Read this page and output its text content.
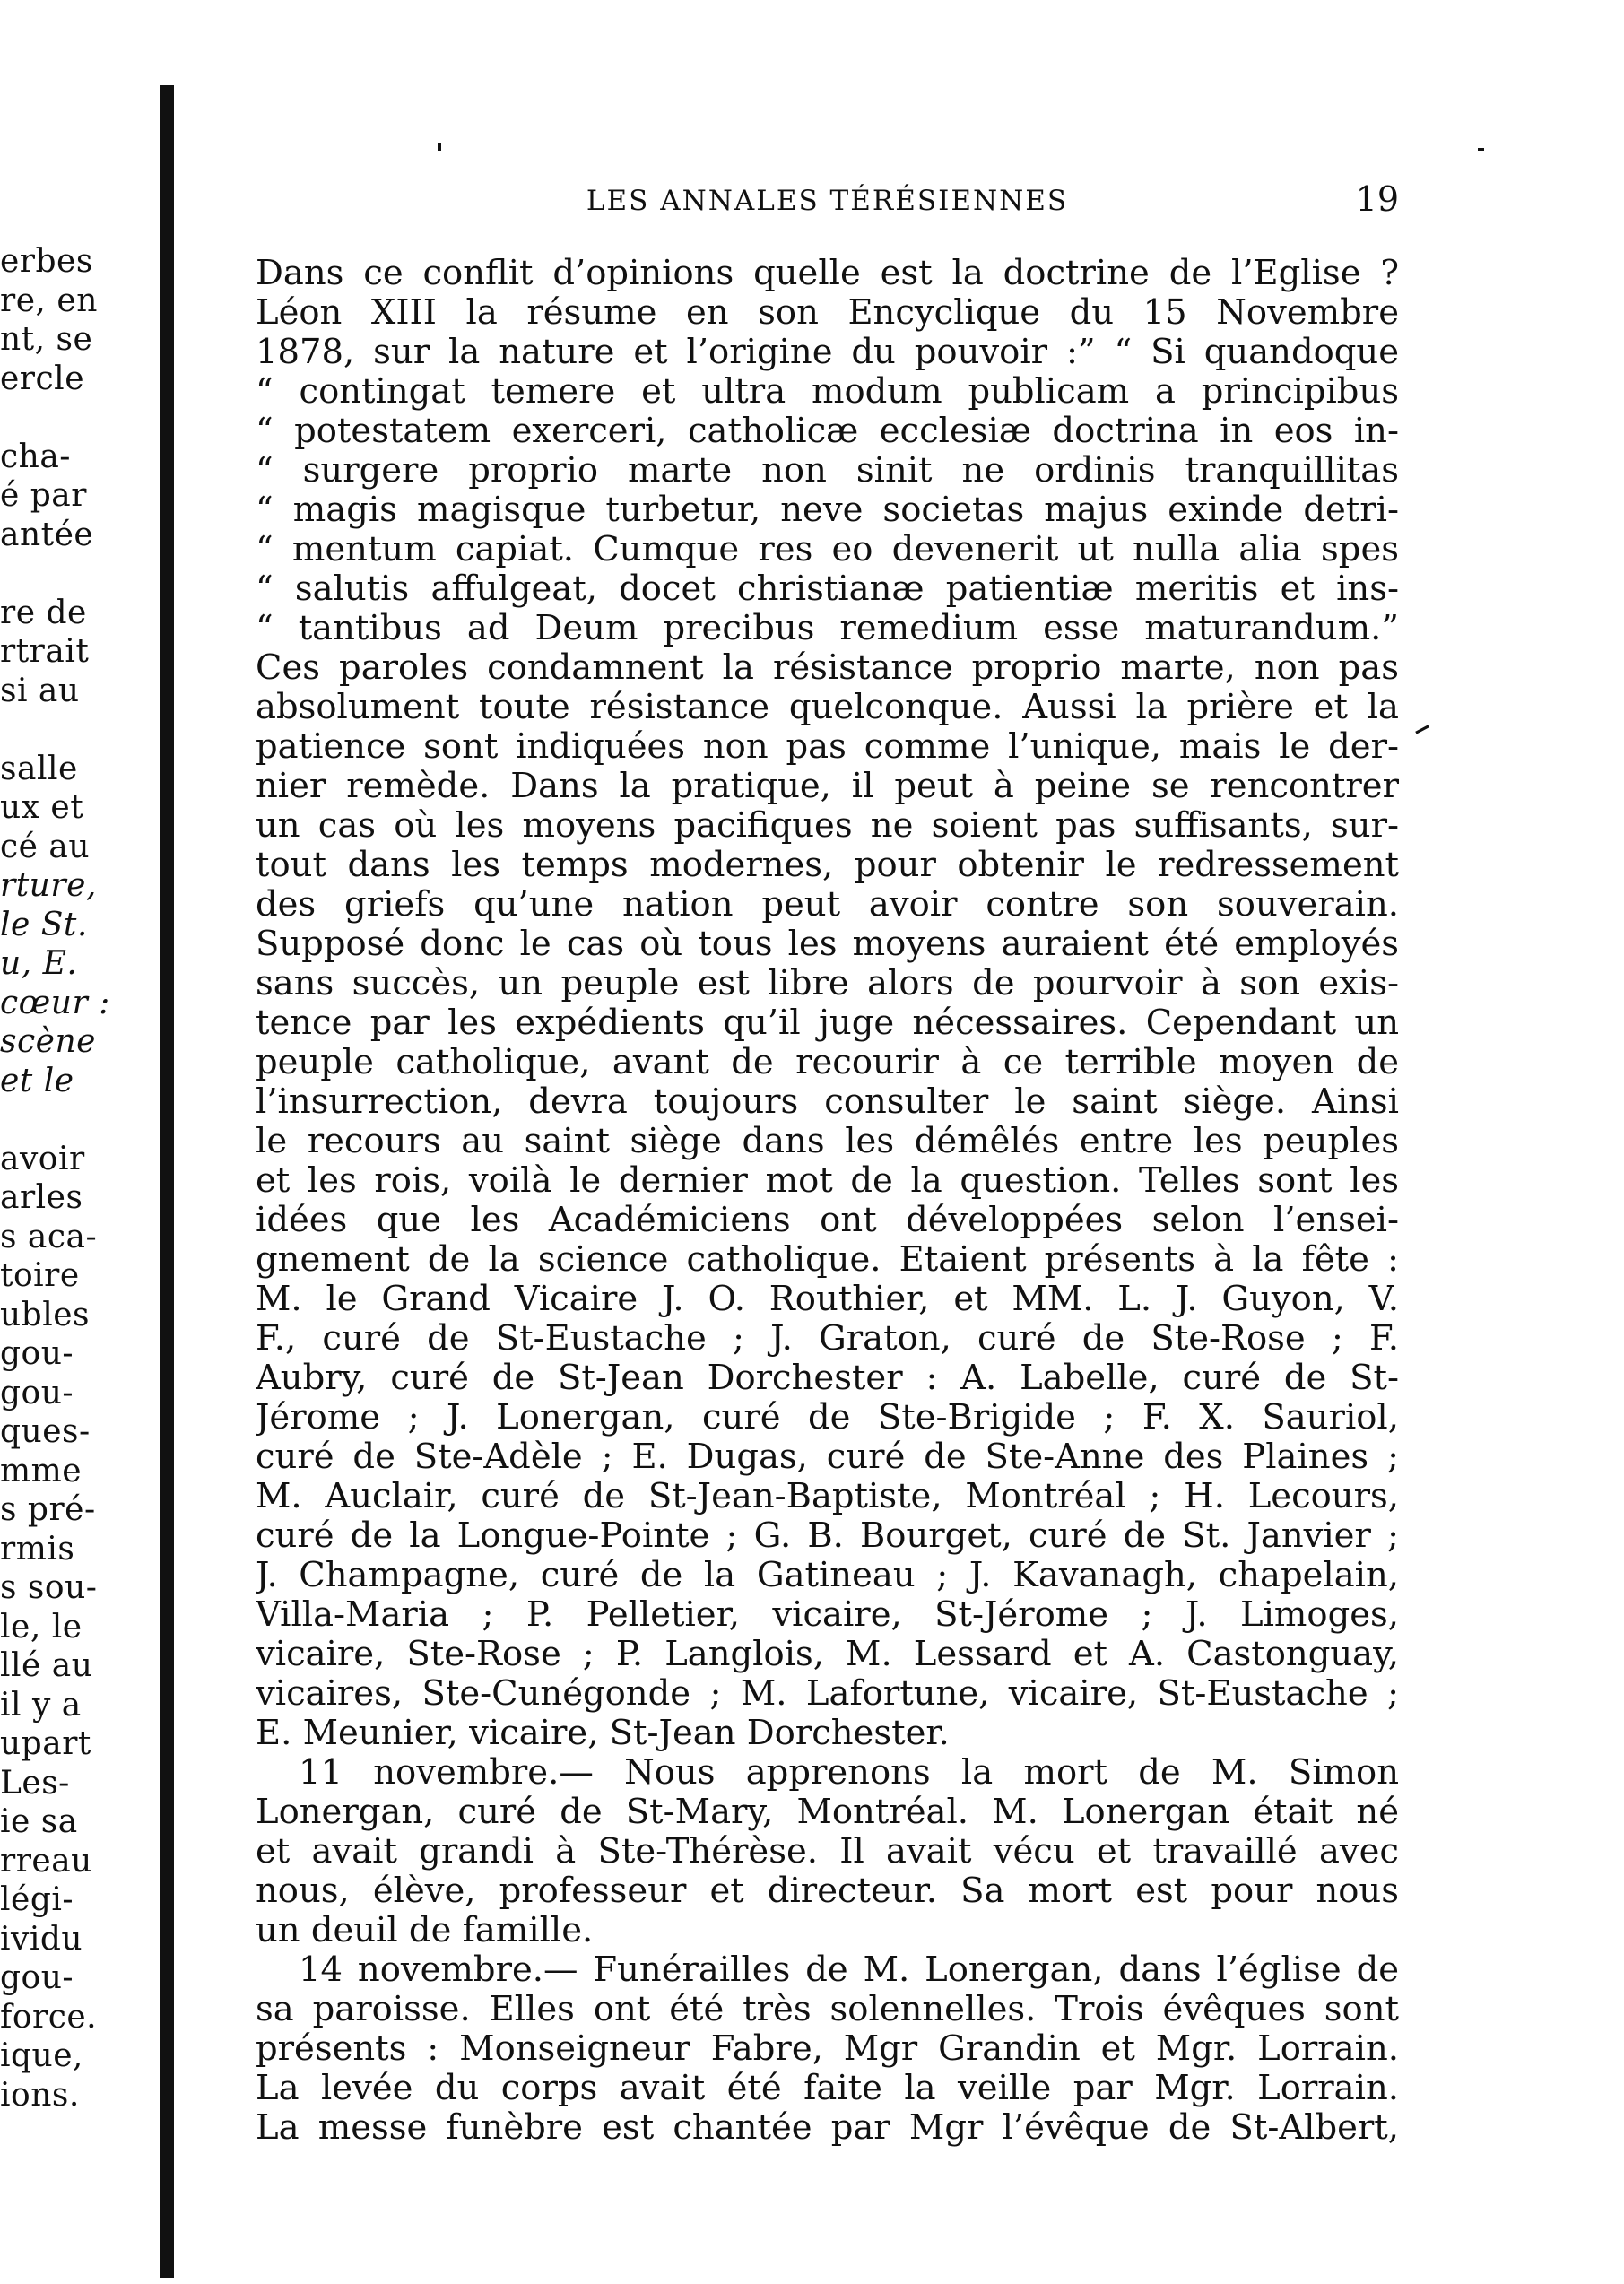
erbes
re, en
nt, se
ercle
cha-
é par
antée
re de
rtrait
si au
salle
ux et
cé au
rture,
le St.
u, E.
cœur :
scène
et le
avoir
arles
s aca-
toire
ubles
gou-
gou-
ques-
mme
s pré-
rmis
s sou-
le, le
llé au
il y a
upart
Les-
ie sa
rreau
légi-
ividu
gou-
force.
ique,
ions.
LES ANNALES TÉRÉSIENNES	19
Dans ce conflit d’opinions quelle est la doctrine de l’Eglise ?
Léon XIII la résume en son Encyclique du 15 Novembre
1878, sur la nature et l’origine du pouvoir :” “ Si quandoque
“ contingat temere et ultra modum publicam a principibus
“ potestatem exerceri, catholicæ ecclesiæ doctrina in eos in-
“ surgere proprio marte non sinit ne ordinis tranquillitas
“ magis magisque turbetur, neve societas majus exinde detri-
“ mentum capiat. Cumque res eo devenerit ut nulla alia spes
“ salutis affulgeat, docet christianæ patientiæ meritis et ins-
“ tantibus ad Deum precibus remedium esse maturandum.”
Ces paroles condamnent la résistance proprio marte, non pas
absolument toute résistance quelconque. Aussi la prière et la
patience sont indiquées non pas comme l’unique, mais le der-
nier remède. Dans la pratique, il peut à peine se rencontrer
un cas où les moyens pacifiques ne soient pas suffisants, sur-
tout dans les temps modernes, pour obtenir le redressement
des griefs qu’une nation peut avoir contre son souverain.
Supposé donc le cas où tous les moyens auraient été employés
sans succès, un peuple est libre alors de pourvoir à son exis-
tence par les expédients qu’il juge nécessaires. Cependant un
peuple catholique, avant de recourir à ce terrible moyen de
l’insurrection, devra toujours consulter le saint siège. Ainsi
le recours au saint siège dans les démêlés entre les peuples
et les rois, voilà le dernier mot de la question. Telles sont les
idées que les Académiciens ont développées selon l’ensei-
gnement de la science catholique. Etaient présents à la fête :
M. le Grand Vicaire J. O. Routhier, et MM. L. J. Guyon, V.
F., curé de St-Eustache ; J. Graton, curé de Ste-Rose ; F.
Aubry, curé de St-Jean Dorchester : A. Labelle, curé de St-
Jérome ; J. Lonergan, curé de Ste-Brigide ; F. X. Sauriol,
curé de Ste-Adèle ; E. Dugas, curé de Ste-Anne des Plaines ;
M. Auclair, curé de St-Jean-Baptiste, Montréal ; H. Lecours,
curé de la Longue-Pointe ; G. B. Bourget, curé de St. Janvier ;
J. Champagne, curé de la Gatineau ; J. Kavanagh, chapelain,
Villa-Maria ; P. Pelletier, vicaire, St-Jérome ; J. Limoges,
vicaire, Ste-Rose ; P. Langlois, M. Lessard et A. Castonguay,
vicaires, Ste-Cunégonde ; M. Lafortune, vicaire, St-Eustache ;
E. Meunier, vicaire, St-Jean Dorchester.
11 novembre.— Nous apprenons la mort de M. Simon
Lonergan, curé de St-Mary, Montréal. M. Lonergan était né
et avait grandi à Ste-Thérèse. Il avait vécu et travaillé avec
nous, élève, professeur et directeur. Sa mort est pour nous
un deuil de famille.
14 novembre.— Funérailles de M. Lonergan, dans l’église de
sa paroisse. Elles ont été très solennelles. Trois évêques sont
présents : Monseigneur Fabre, Mgr Grandin et Mgr. Lorrain.
La levée du corps avait été faite la veille par Mgr. Lorrain.
La messe funèbre est chantée par Mgr l’évêque de St-Albert,
